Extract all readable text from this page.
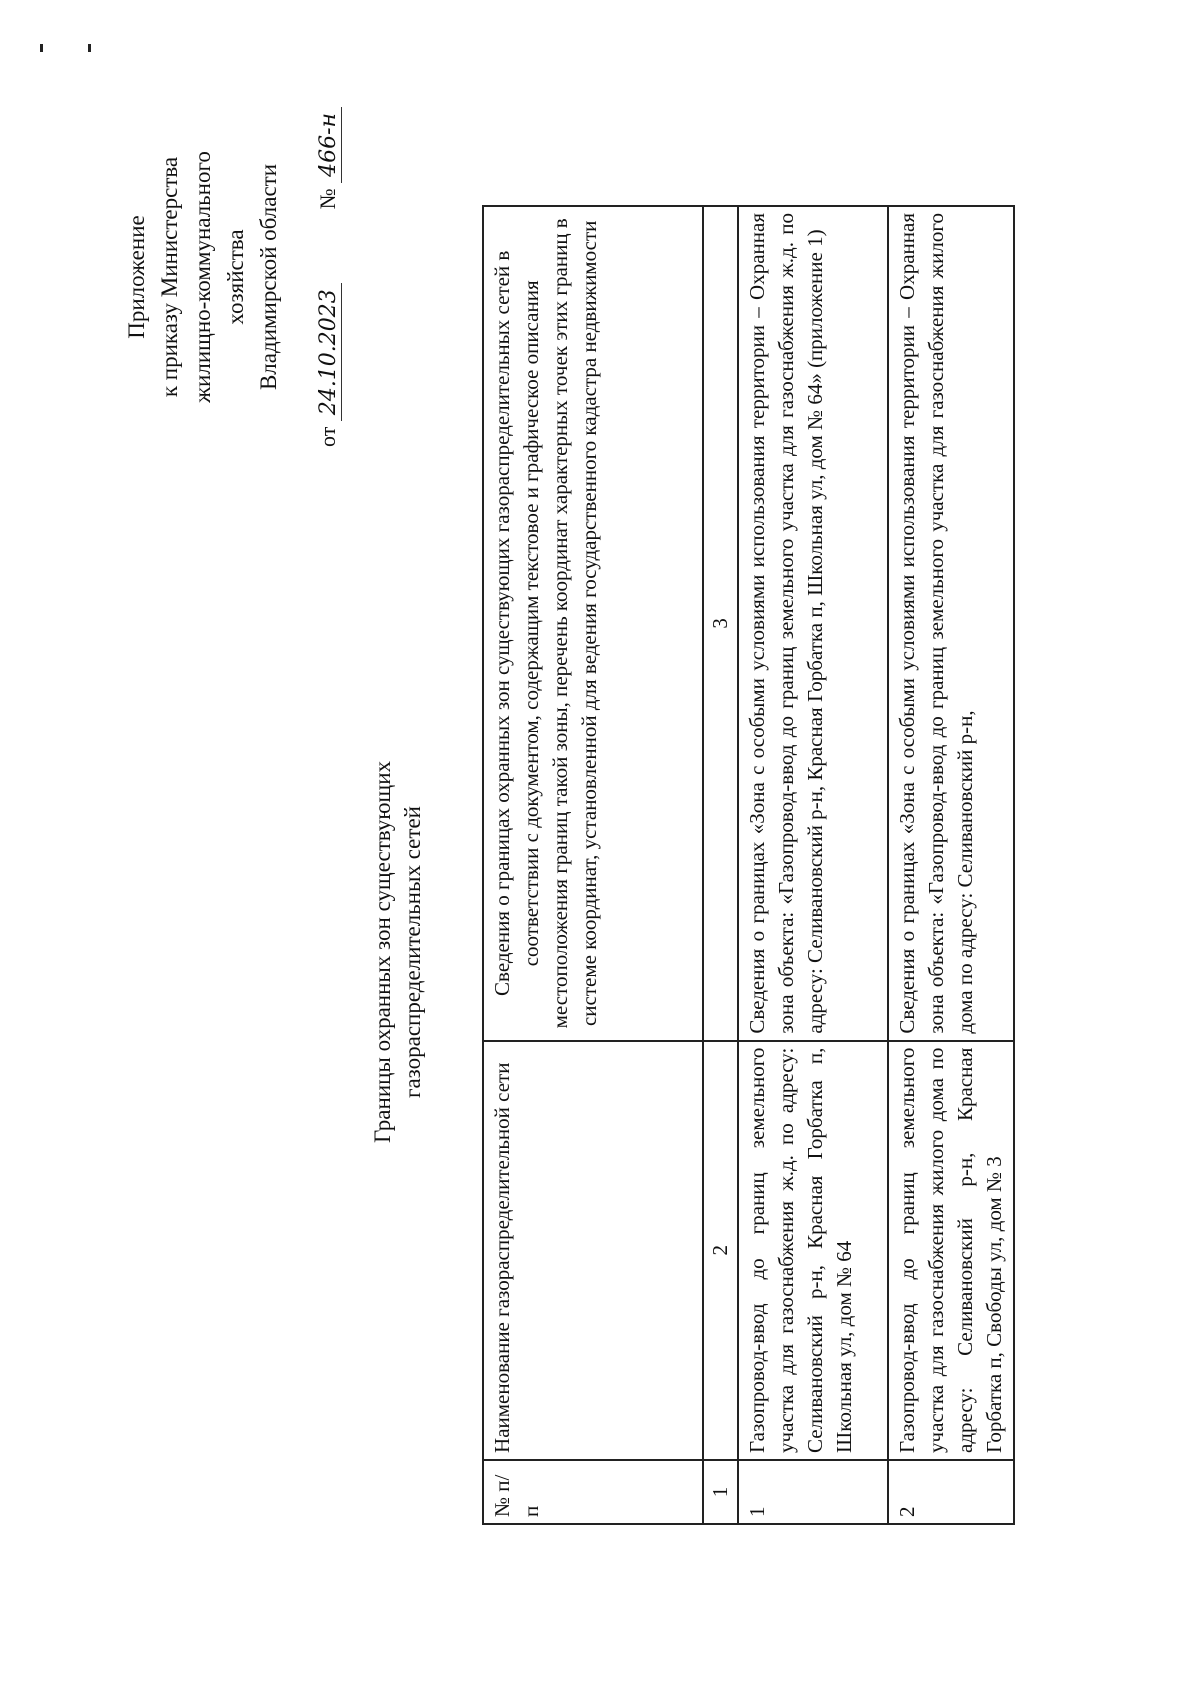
Приложение к приказу Министерства жилищно-коммунального хозяйства Владимирской области
от 24.10.2023
№ 466-н
Границы охранных зон существующих газораспределительных сетей
№ п/п	Наименование газораспределительной сети	Сведения о границах охранных зон существующих газораспределительных сетей в соответствии с документом, содержащим текстовое и графическое описания местоположения границ такой зоны, перечень координат характерных точек этих границ в системе координат, установленной для ведения государственного кадастра недвижимости
1	2	3
1	Газопровод-ввод до границ земельного участка для газоснабжения ж.д. по адресу: Селивановский р-н, Красная Горбатка п, Школьная ул, дом № 64	Сведения о границах «Зона с особыми условиями использования территории – Охранная зона объекта: «Газопровод-ввод до границ земельного участка для газоснабжения ж.д. по адресу: Селивановский р-н, Красная Горбатка п, Школьная ул, дом № 64» (приложение 1)
2	Газопровод-ввод до границ земельного участка для газоснабжения жилого дома по адресу: Селивановский р-н, Красная Горбатка п, Свободы ул, дом № 3	Сведения о границах «Зона с особыми условиями использования территории – Охранная зона объекта: «Газопровод-ввод до границ земельного участка для газоснабжения жилого дома по адресу: Селивановский р-н,
